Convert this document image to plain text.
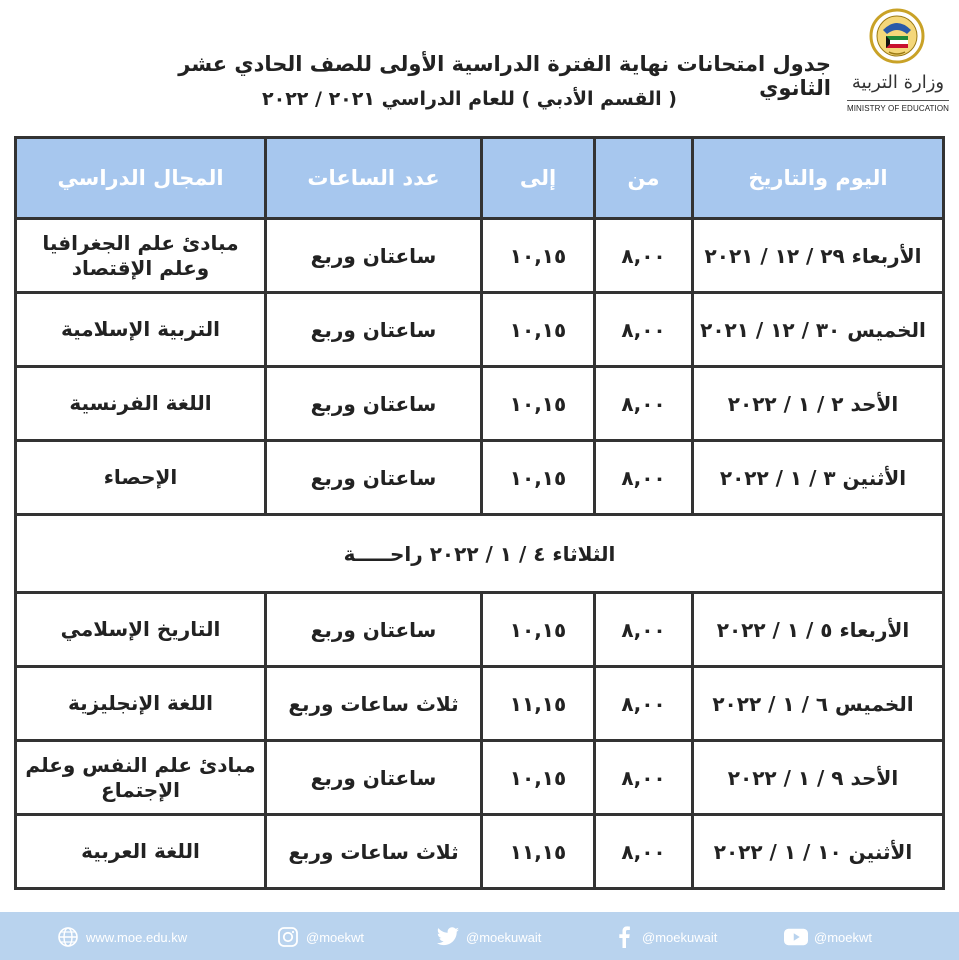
جدول امتحانات نهاية الفترة الدراسية الأولى للصف الحادي عشر الثانوي
( القسم الأدبي ) للعام الدراسي ٢٠٢١ / ٢٠٢٢
وزارة التربية
MINISTRY OF EDUCATION
اليوم والتاريخ	من	إلى	عدد الساعات	المجال الدراسي
الأربعاء ٢٩ / ١٢ / ٢٠٢١	٨,٠٠	١٠,١٥	ساعتان وربع	مبادئ علم الجغرافيا وعلم الإقتصاد
الخميس ٣٠ / ١٢ / ٢٠٢١	٨,٠٠	١٠,١٥	ساعتان وربع	التربية الإسلامية
الأحد ٢ / ١ / ٢٠٢٢	٨,٠٠	١٠,١٥	ساعتان وربع	اللغة الفرنسية
الأثنين ٣ / ١ / ٢٠٢٢	٨,٠٠	١٠,١٥	ساعتان وربع	الإحصاء
الثلاثاء ٤ / ١ / ٢٠٢٢ راحـــــة				
الأربعاء ٥ / ١ / ٢٠٢٢	٨,٠٠	١٠,١٥	ساعتان وربع	التاريخ الإسلامي
الخميس ٦ / ١ / ٢٠٢٢	٨,٠٠	١١,١٥	ثلاث ساعات وربع	اللغة الإنجليزية
الأحد ٩ / ١ / ٢٠٢٢	٨,٠٠	١٠,١٥	ساعتان وربع	مبادئ علم النفس وعلم الإجتماع
الأثنين ١٠ / ١ / ٢٠٢٢	٨,٠٠	١١,١٥	ثلاث ساعات وربع	اللغة العربية
www.moe.edu.kw	@moekwt	@moekuwait	@moekuwait	@moekwt
